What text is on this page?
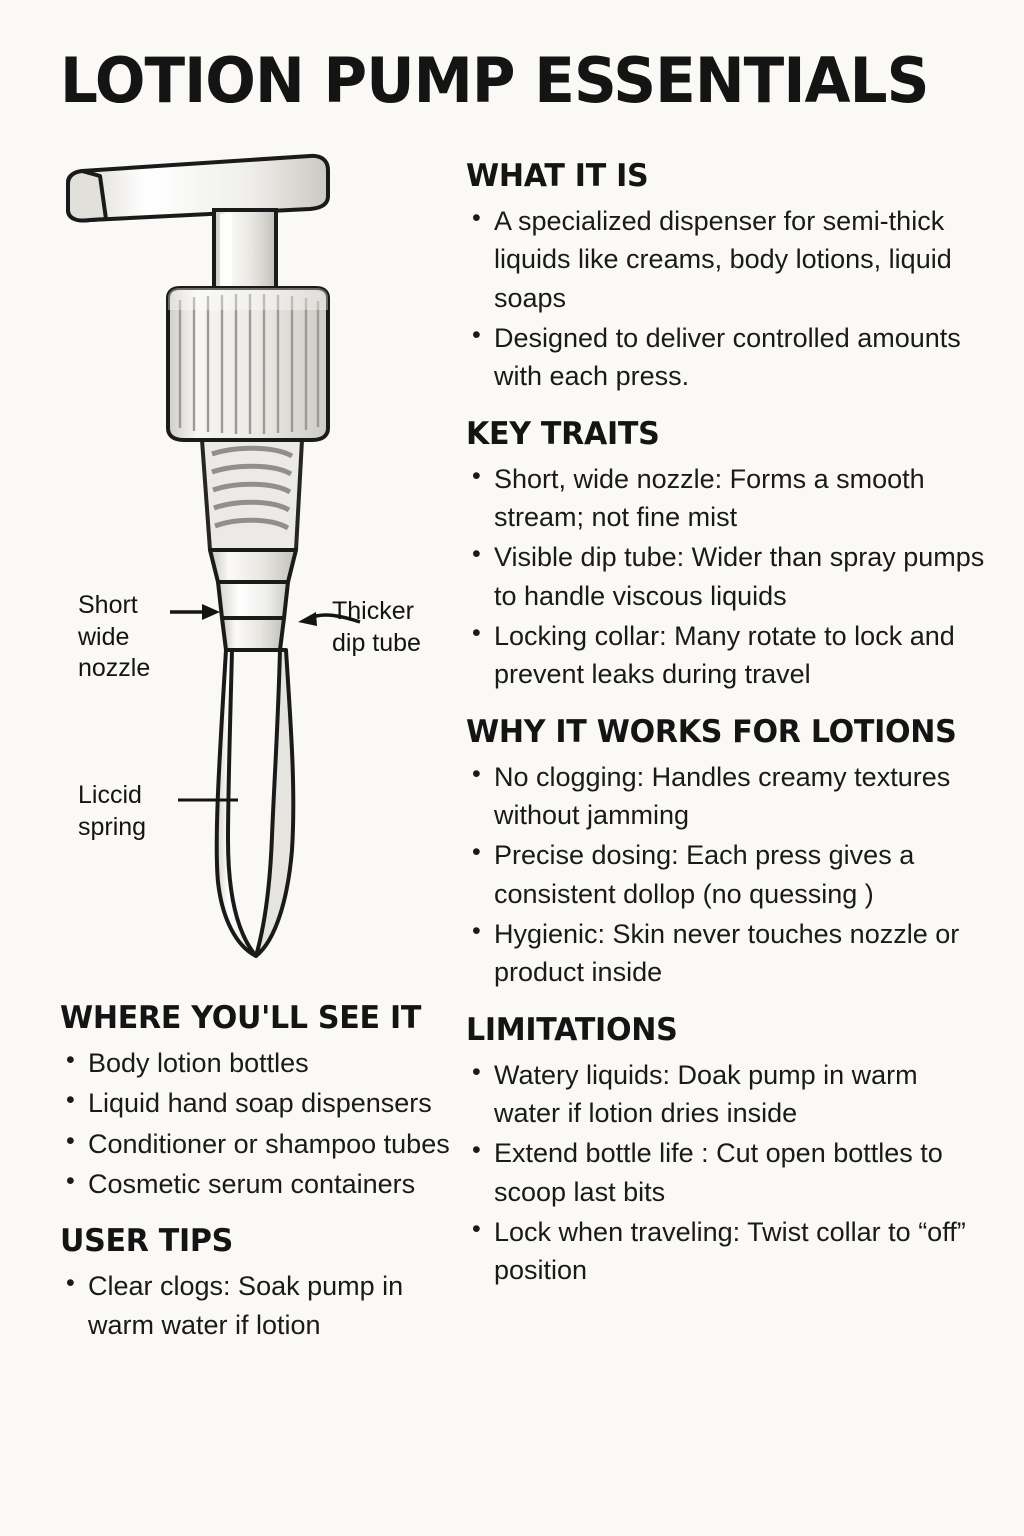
LOTION PUMP ESSENTIALS
Short
wide
nozzle
Thicker
dip tube
Liccid
spring
WHERE YOU'LL SEE IT
• Body lotion bottles
• Liquid hand soap dispensers
• Conditioner or shampoo tubes
• Cosmetic serum containers
USER TIPS
• Clear clogs: Soak pump in warm water if lotion
WHAT IT IS
• A specialized dispenser for semi-thick liquids like creams, body lotions, liquid soaps
• Designed to deliver controlled amounts with each press.
KEY TRAITS
• Short, wide nozzle: Forms a smooth stream; not fine mist
• Visible dip tube: Wider than spray pumps to handle viscous liquids
• Locking collar: Many rotate to lock and prevent leaks during travel
WHY IT WORKS FOR LOTIONS
• No clogging: Handles creamy textures without jamming
• Precise dosing: Each press gives a consistent dollop (no quessing )
• Hygienic: Skin never touches nozzle or product inside
LIMITATIONS
• Watery liquids: Doak pump in warm water if lotion dries inside
• Extend bottle life : Cut open bottles to scoop last bits
• Lock when traveling: Twist collar to “off” position
